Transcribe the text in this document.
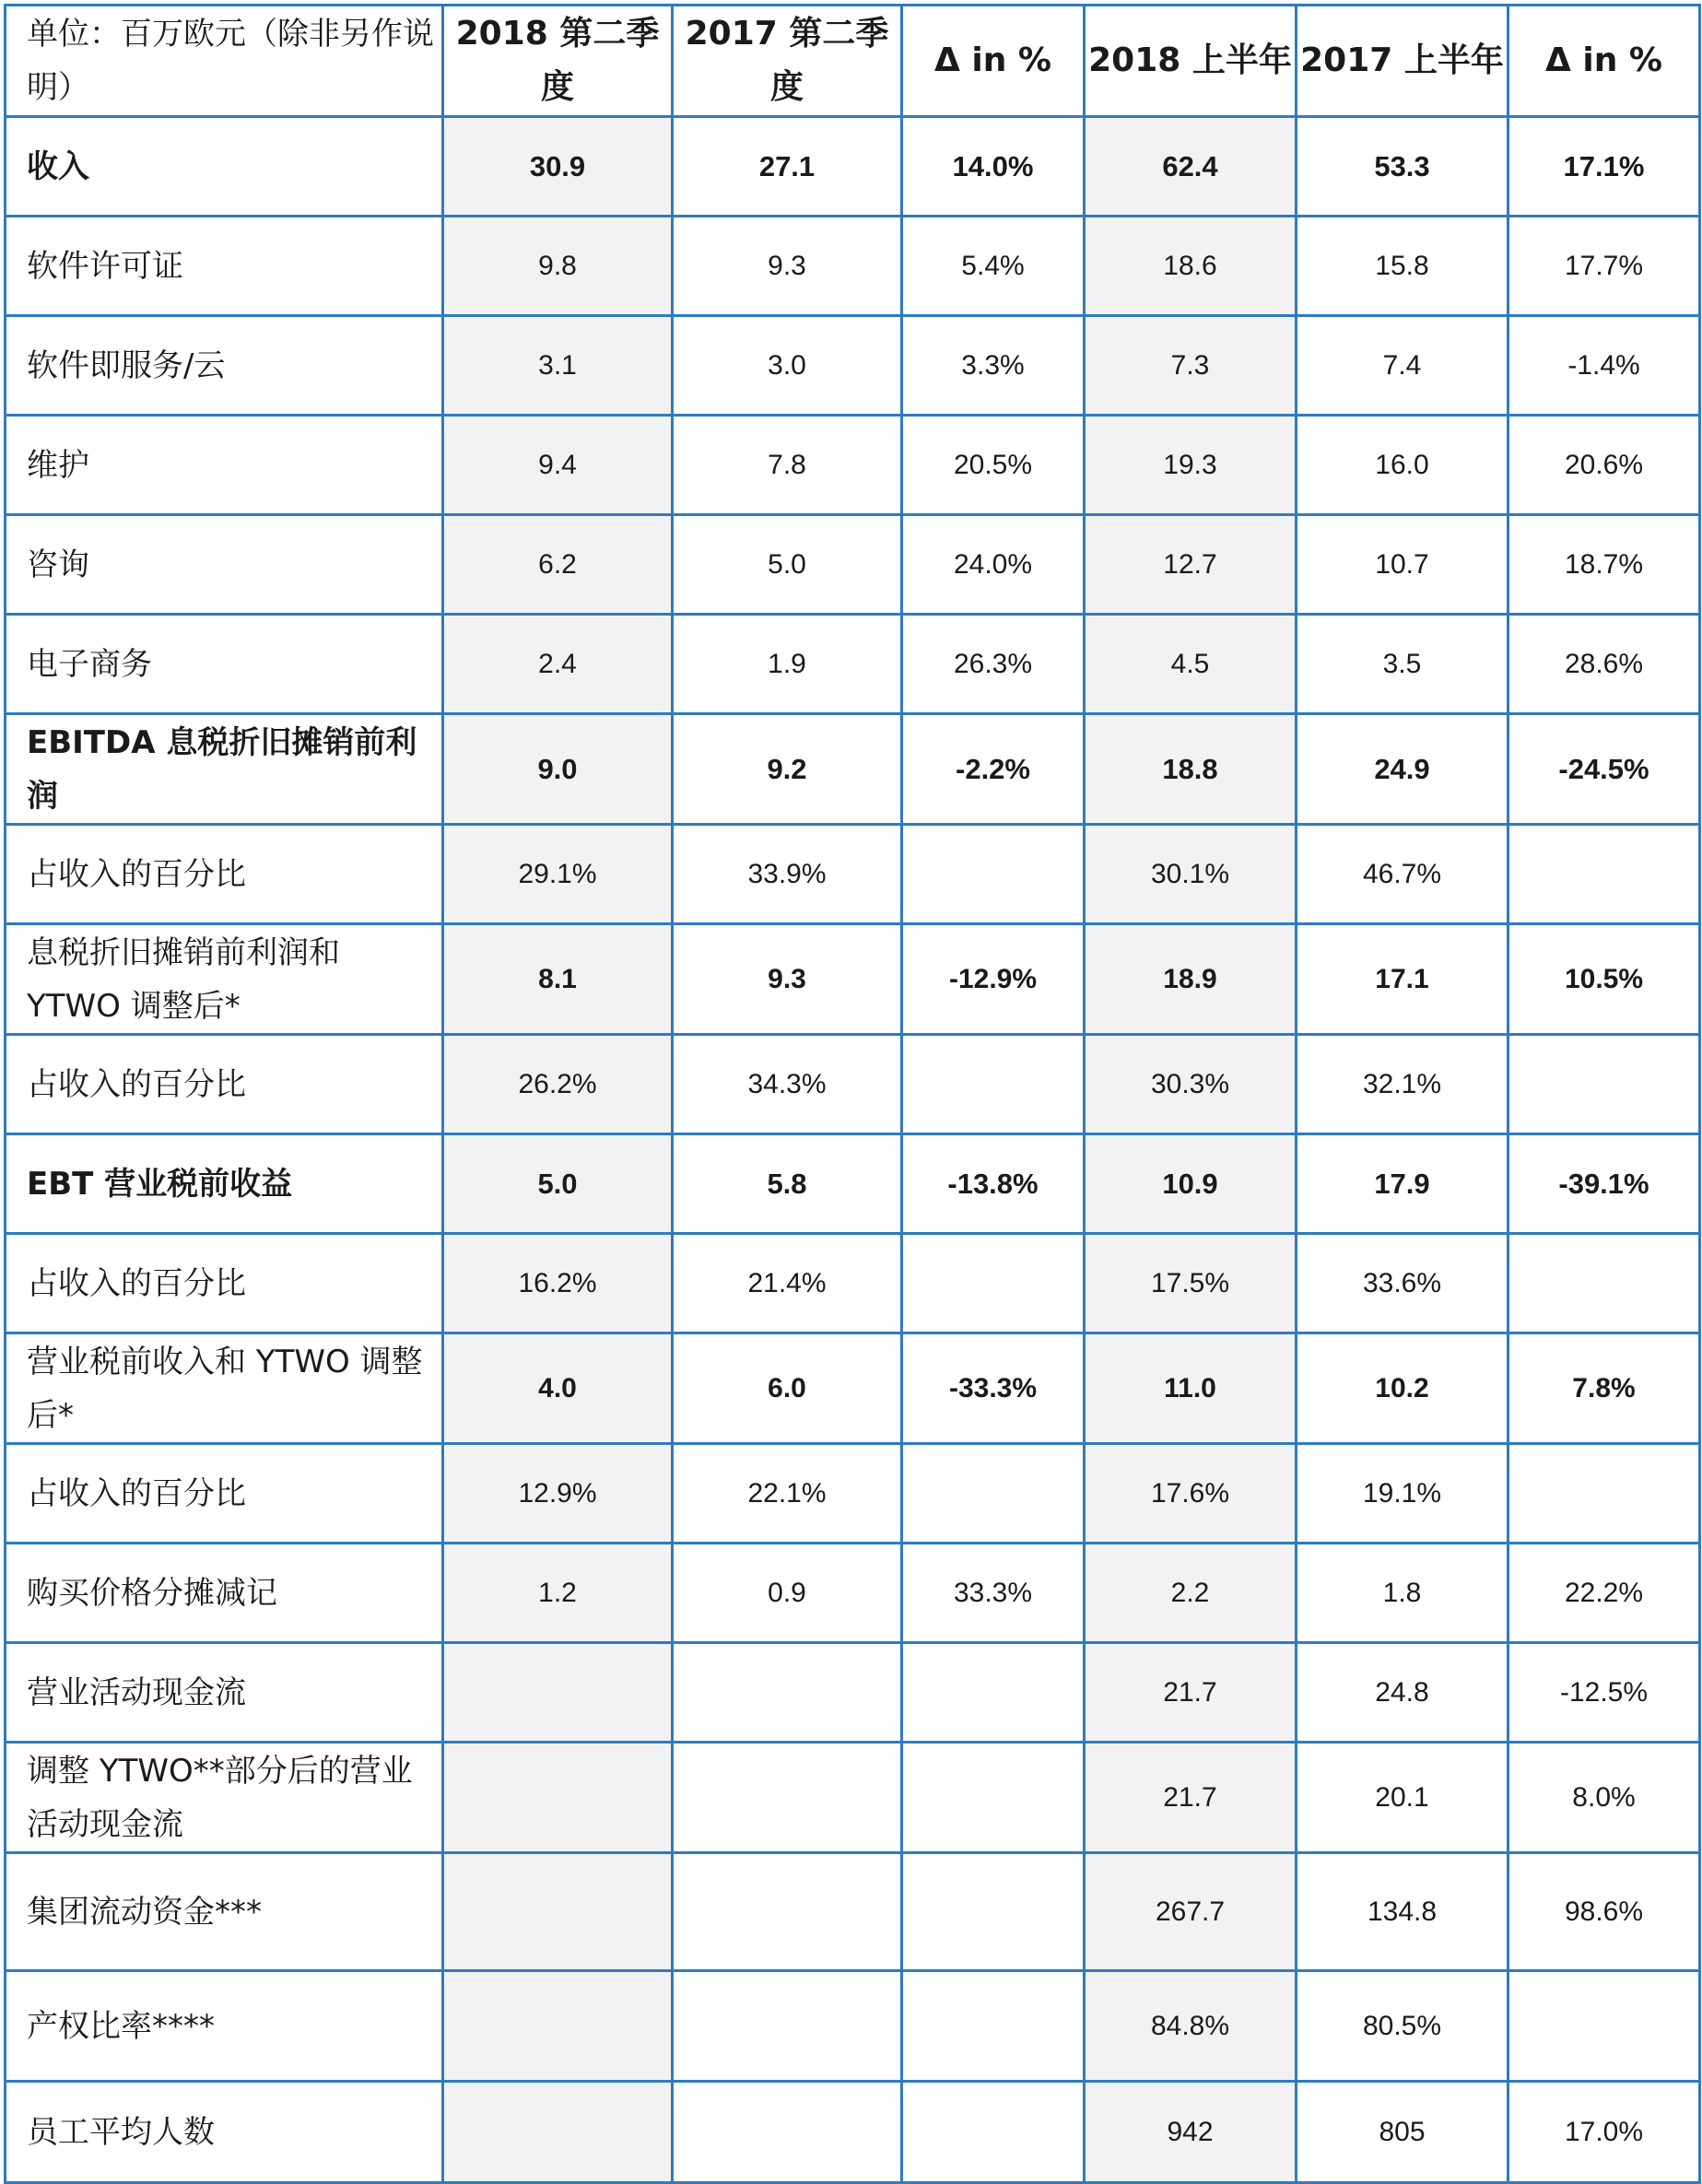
单位：百万欧元（除非另作说明）	2018 第二季度	2017 第二季度	Δ in %	2018 上半年	2017 上半年	Δ in %
收入	30.9	27.1	14.0%	62.4	53.3	17.1%
软件许可证	9.8	9.3	5.4%	18.6	15.8	17.7%
软件即服务/云	3.1	3.0	3.3%	7.3	7.4	-1.4%
维护	9.4	7.8	20.5%	19.3	16.0	20.6%
咨询	6.2	5.0	24.0%	12.7	10.7	18.7%
电子商务	2.4	1.9	26.3%	4.5	3.5	28.6%
EBITDA 息税折旧摊销前利润	9.0	9.2	-2.2%	18.8	24.9	-24.5%
占收入的百分比	29.1%	33.9%		30.1%	46.7%	
息税折旧摊销前利润和 YTWO 调整后*	8.1	9.3	-12.9%	18.9	17.1	10.5%
占收入的百分比	26.2%	34.3%		30.3%	32.1%	
EBT 营业税前收益	5.0	5.8	-13.8%	10.9	17.9	-39.1%
占收入的百分比	16.2%	21.4%		17.5%	33.6%	
营业税前收入和 YTWO 调整后*	4.0	6.0	-33.3%	11.0	10.2	7.8%
占收入的百分比	12.9%	22.1%		17.6%	19.1%	
购买价格分摊减记	1.2	0.9	33.3%	2.2	1.8	22.2%
营业活动现金流				21.7	24.8	-12.5%
调整 YTWO**部分后的营业活动现金流				21.7	20.1	8.0%
集团流动资金***				267.7	134.8	98.6%
产权比率****				84.8%	80.5%	
员工平均人数				942	805	17.0%
